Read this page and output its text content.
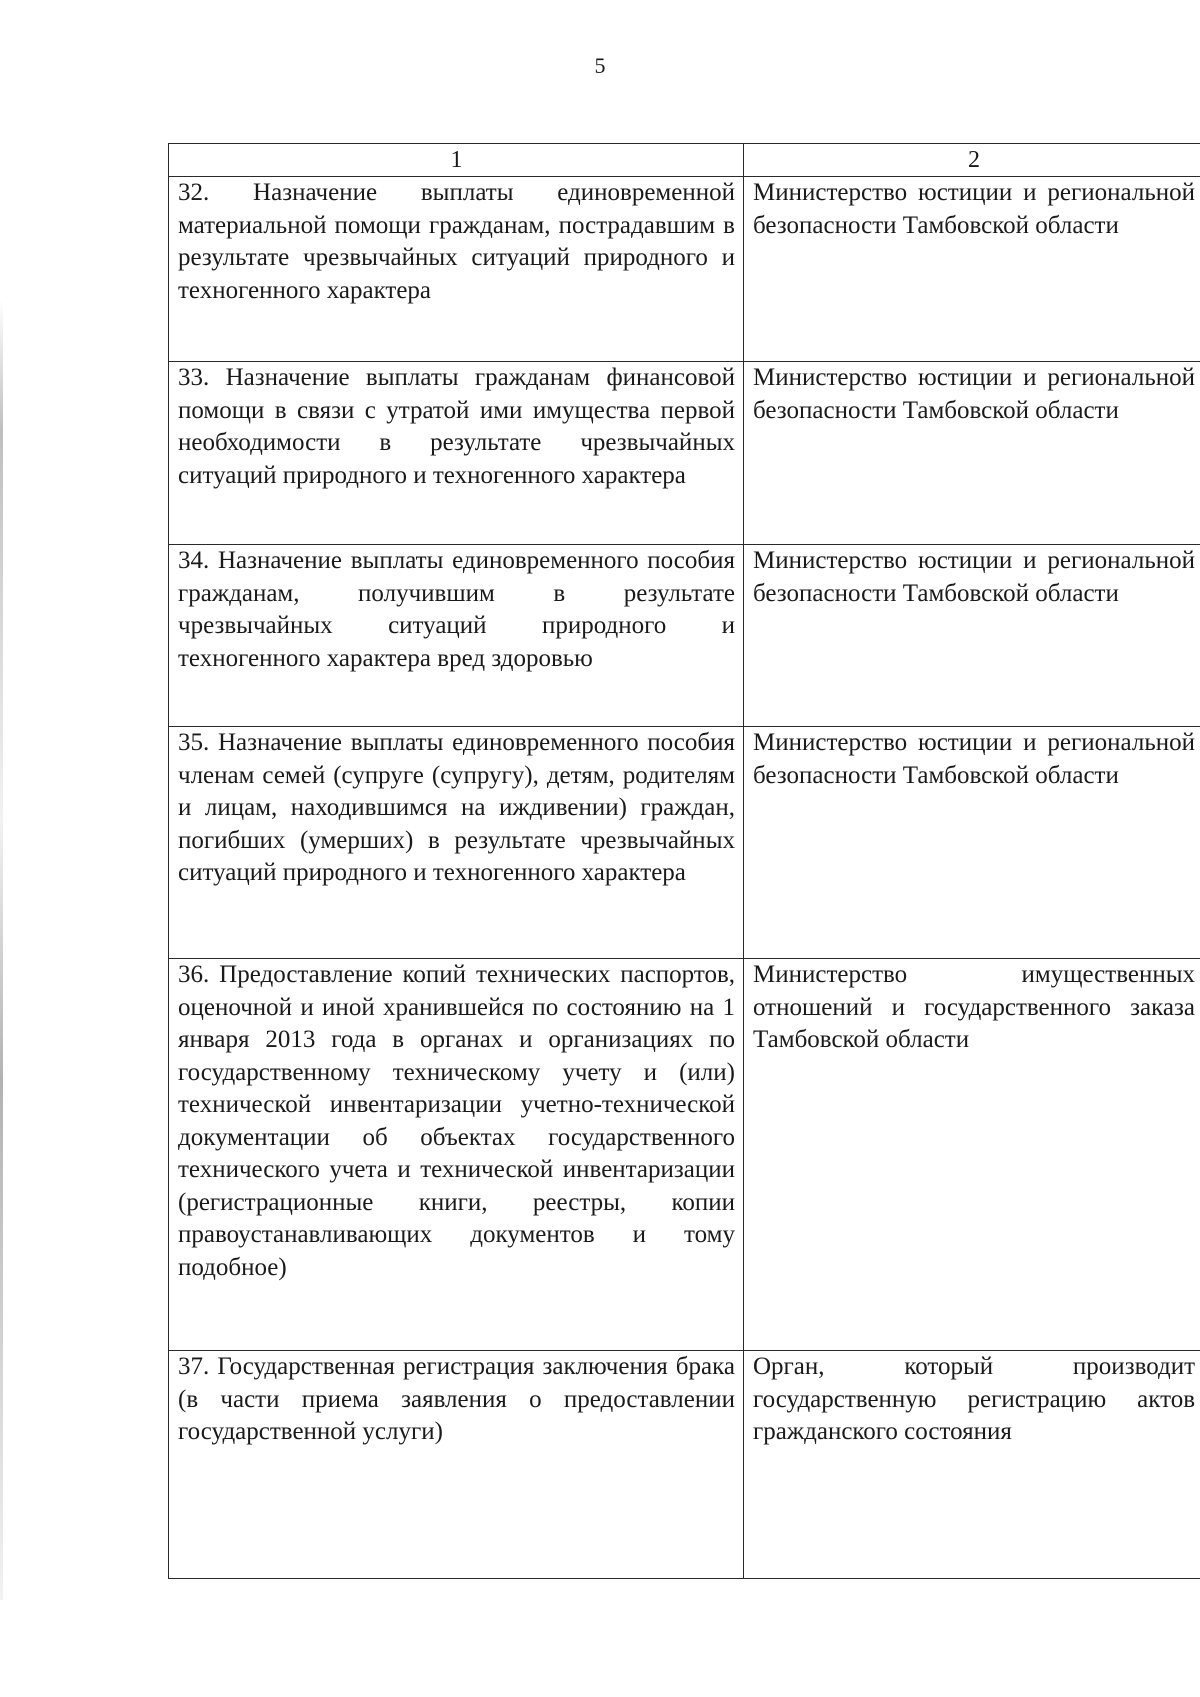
5
1	2
32. Назначение выплаты единовременной материальной помощи гражданам, пострадавшим в результате чрезвычайных ситуаций природного и техногенного характера	Министерство юстиции и региональной безопасности Тамбовской области
33. Назначение выплаты гражданам финансовой помощи в связи с утратой ими имущества первой необходимости в результате чрезвычайных ситуаций природного и техногенного характера	Министерство юстиции и региональной безопасности Тамбовской области
34. Назначение выплаты единовременного пособия гражданам, получившим в результате чрезвычайных ситуаций природного и техногенного характера вред здоровью	Министерство юстиции и региональной безопасности Тамбовской области
35. Назначение выплаты единовременного пособия членам семей (супруге (супругу), детям, родителям и лицам, находившимся на иждивении) граждан, погибших (умерших) в результате чрезвычайных ситуаций природного и техногенного характера	Министерство юстиции и региональной безопасности Тамбовской области
36. Предоставление копий технических паспортов, оценочной и иной хранившейся по состоянию на 1 января 2013 года в органах и организациях по государственному техническому учету и (или) технической инвентаризации учетно-технической документации об объектах государственного технического учета и технической инвентаризации (регистрационные книги, реестры, копии правоустанавливающих документов и тому подобное)	Министерство имущественных отношений и государственного заказа Тамбовской области
37. Государственная регистрация заключения брака (в части приема заявления о предоставлении государственной услуги)	Орган, который производит государственную регистрацию актов гражданского состояния
